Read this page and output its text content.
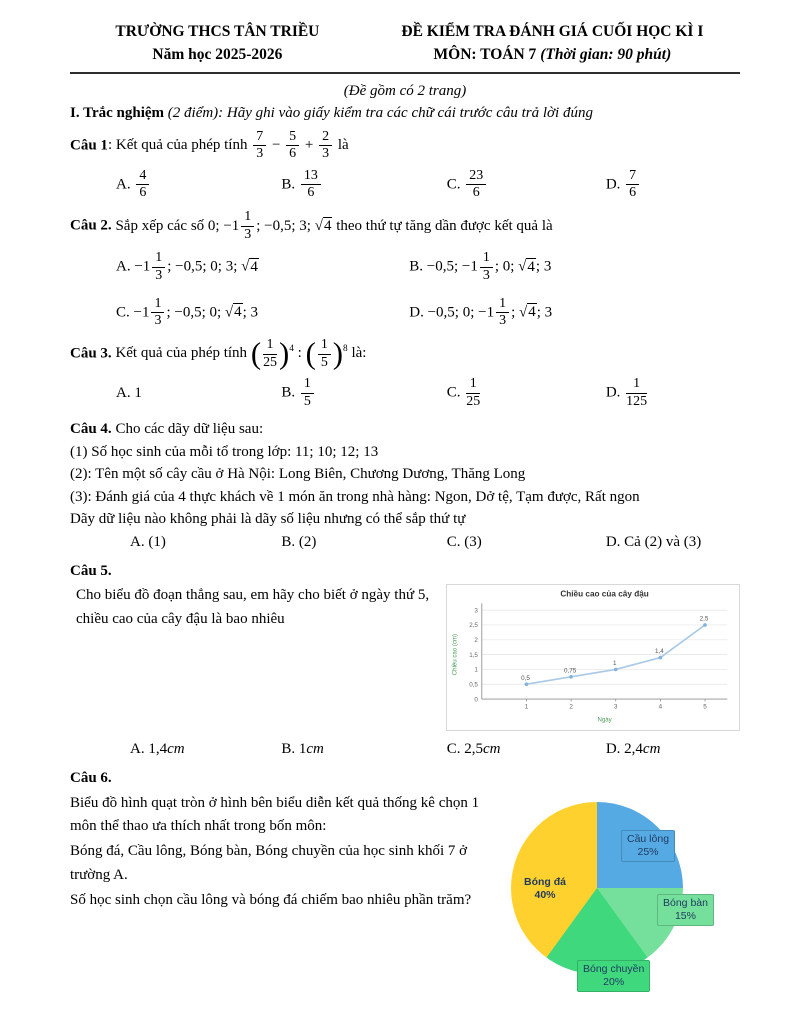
TRƯỜNG THCS TÂN TRIỀU
Năm học 2025-2026
ĐỀ KIỂM TRA ĐÁNH GIÁ CUỐI HỌC KÌ I
MÔN: TOÁN 7 (Thời gian: 90 phút)
(Đề gồm có 2 trang)
I. Trắc nghiệm (2 điểm): Hãy ghi vào giấy kiểm tra các chữ cái trước câu trả lời đúng
Câu 1: Kết quả của phép tính $\frac{7}{3} - \frac{5}{6} + \frac{2}{3}$ là
A. $\frac{4}{6}$	B. $\frac{13}{6}$	C. $\frac{23}{6}$	D. $\frac{7}{6}$
Câu 2. Sắp xếp các số 0; $-1 \frac{1}{3}$ ; −0,5; 3; √4 theo thứ tự tăng dần được kết quả là
A. $-1 \frac{1}{3}$ ; −0,5; 0; 3; √4	B. −0,5; $-1 \frac{1}{3}$ ; 0; √4; 3
C. $-1 \frac{1}{3}$ ; −0,5; 0; √4; 3	D. −0,5; 0; $-1 \frac{1}{3}$ ; √4; 3
Câu 3. Kết quả của phép tính ( $\frac{1}{25} )^4$ : ( $\frac{1}{5} )^8$ là:
A. 1	B. $\frac{1}{5}$	C. $\frac{1}{25}$	D. $\frac{1}{125}$
Câu 4. Cho các dãy dữ liệu sau:
(1) Số học sinh của mỗi tổ trong lớp: 11; 10; 12; 13
(2): Tên một số cây cầu ở Hà Nội: Long Biên, Chương Dương, Thăng Long
(3): Đánh giá của 4 thực khách về 1 món ăn trong nhà hàng: Ngon, Dở tệ, Tạm được, Rất ngon
Dãy dữ liệu nào không phải là dãy số liệu nhưng có thể sắp thứ tự
A. (1)	B. (2)	C. (3)	D. Cả (2) và (3)
Câu 5.
Cho biểu đồ đoạn thẳng sau, em hãy cho biết ở ngày thứ 5, chiều cao của cây đậu là bao nhiêu
0
0,5
1
1,5
2
2,5
3
0,5
1
0,75
2
1
3
1,4
4
2,5
5
Chiều cao của cây đậu
Chiều cao (cm)
Ngày
A. 1,4cm	B. 1cm	C. 2,5cm	D. 2,4cm
Câu 6.

Biểu đồ hình quạt tròn ở hình bên biểu diễn kết quả thống kê chọn 1 môn thể thao ưa thích nhất trong bốn môn:

Bóng đá, Cầu lông, Bóng bàn, Bóng chuyền của học sinh khối 7 ở trường A.

Số học sinh chọn cầu lông và bóng đá chiếm bao nhiêu phần trăm?

Cầu lông
25%
Bóng bàn
15%
Bóng chuyền
20%
Bóng đá
40%
